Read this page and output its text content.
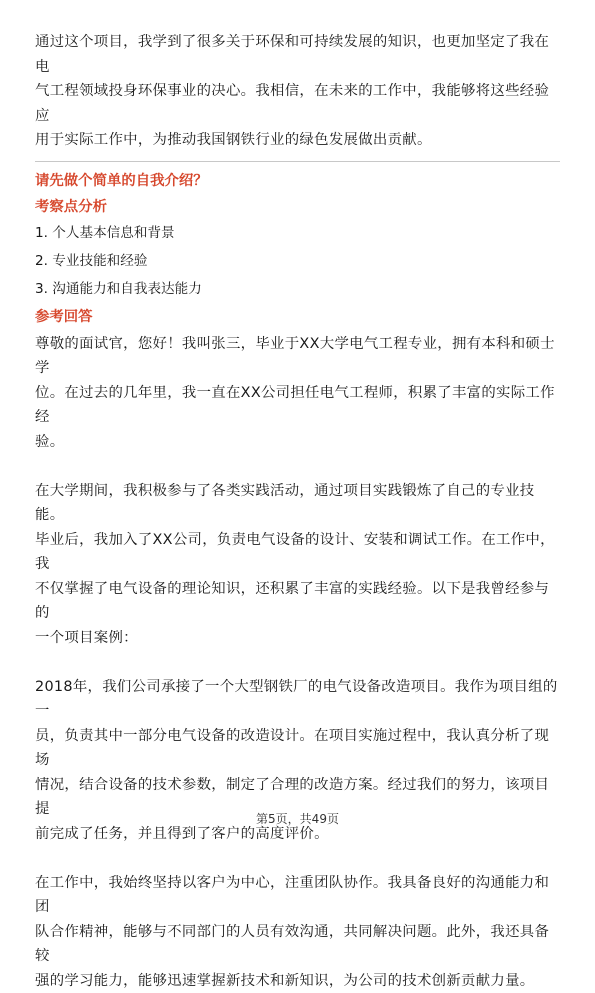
通过这个项目，我学到了很多关于环保和可持续发展的知识，也更加坚定了我在电
气工程领域投身环保事业的决心。我相信，在未来的工作中，我能够将这些经验应
用于实际工作中，为推动我国钢铁行业的绿色发展做出贡献。

请先做个简单的自我介绍？
考察点分析
1. 个人基本信息和背景
2. 专业技能和经验
3. 沟通能力和自我表达能力
参考回答

尊敬的面试官，您好！我叫张三，毕业于XX大学电气工程专业，拥有本科和硕士学
位。在过去的几年里，我一直在XX公司担任电气工程师，积累了丰富的实际工作经
验。

在大学期间，我积极参与了各类实践活动，通过项目实践锻炼了自己的专业技能。
毕业后，我加入了XX公司，负责电气设备的设计、安装和调试工作。在工作中，我
不仅掌握了电气设备的理论知识，还积累了丰富的实践经验。以下是我曾经参与的
一个项目案例：

2018年，我们公司承接了一个大型钢铁厂的电气设备改造项目。我作为项目组的一
员，负责其中一部分电气设备的改造设计。在项目实施过程中，我认真分析了现场
情况，结合设备的技术参数，制定了合理的改造方案。经过我们的努力，该项目提
前完成了任务，并且得到了客户的高度评价。

在工作中，我始终坚持以客户为中心，注重团队协作。我具备良好的沟通能力和团
队合作精神，能够与不同部门的人员有效沟通，共同解决问题。此外，我还具备较
强的学习能力，能够迅速掌握新技术和新知识，为公司的技术创新贡献力量。

第5页，共49页
